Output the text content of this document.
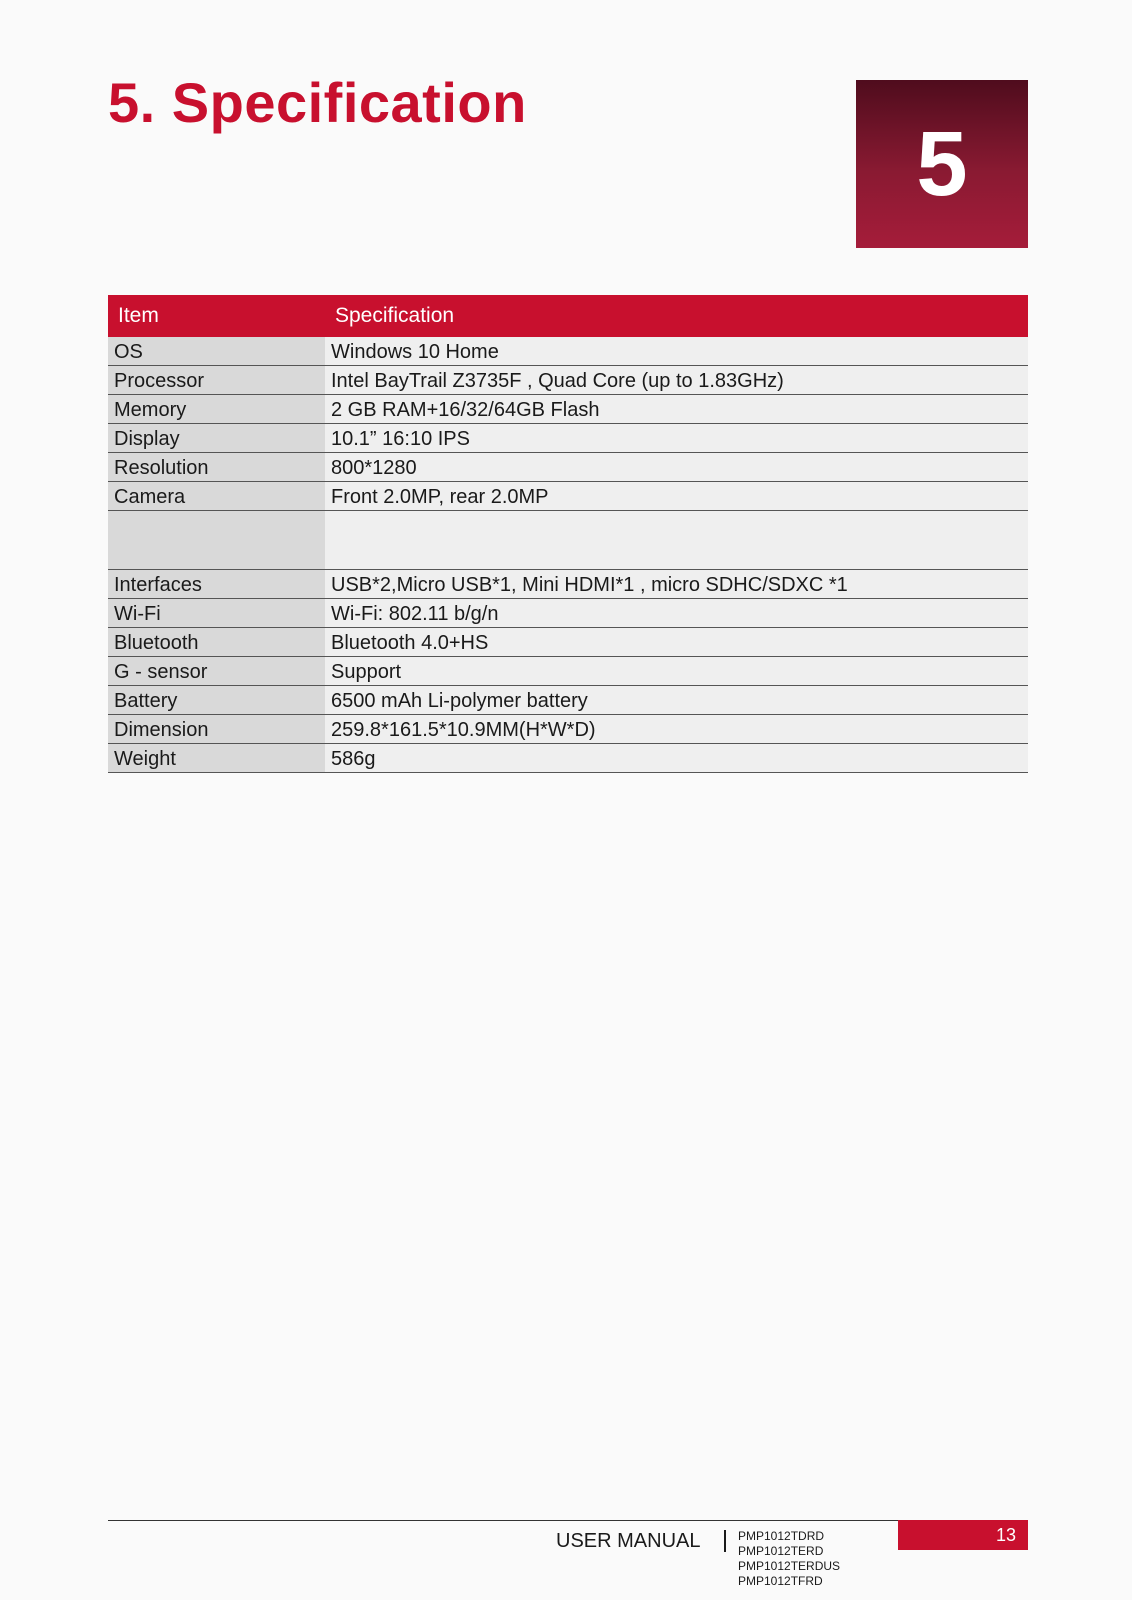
5. Specification
5
Item	Specification
OS	Windows 10 Home
Processor	Intel BayTrail Z3735F , Quad Core (up to 1.83GHz)
Memory	2 GB RAM+16/32/64GB Flash
Display	10.1” 16:10 IPS
Resolution	800*1280
Camera	Front 2.0MP, rear 2.0MP

Interfaces	USB*2,Micro USB*1, Mini HDMI*1 , micro SDHC/SDXC *1
Wi-Fi	Wi-Fi: 802.11 b/g/n
Bluetooth	Bluetooth 4.0+HS
G - sensor	Support
Battery	6500 mAh Li-polymer battery
Dimension	259.8*161.5*10.9MM(H*W*D)
Weight	586g
USER MANUAL	PMP1012TDRD
PMP1012TERD
PMP1012TERDUS
PMP1012TFRD
13
